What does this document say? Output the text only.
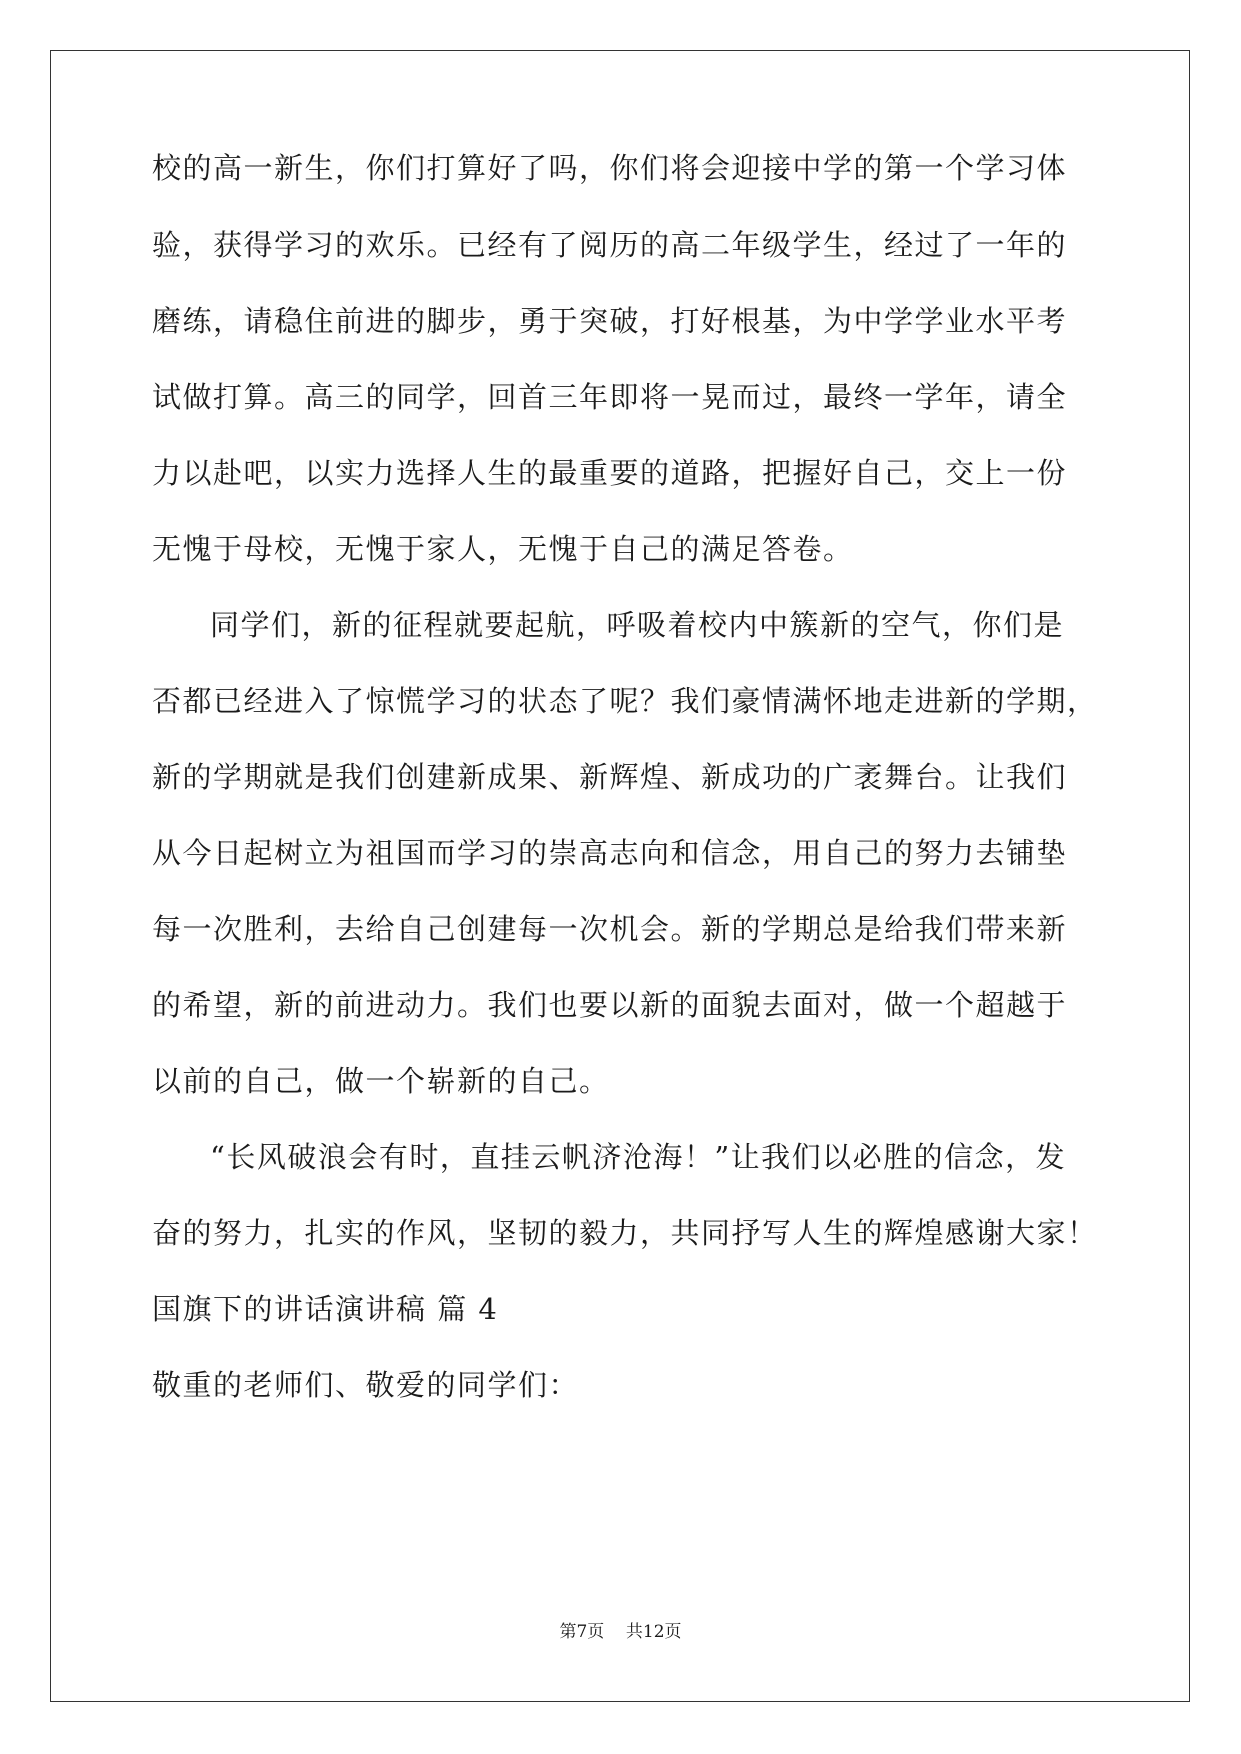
校的高一新生，你们打算好了吗，你们将会迎接中学的第一个学习体
验，获得学习的欢乐。已经有了阅历的高二年级学生，经过了一年的
磨练，请稳住前进的脚步，勇于突破，打好根基，为中学学业水平考
试做打算。高三的同学，回首三年即将一晃而过，最终一学年，请全
力以赴吧，以实力选择人生的最重要的道路，把握好自己，交上一份
无愧于母校，无愧于家人，无愧于自己的满足答卷。
同学们，新的征程就要起航，呼吸着校内中簇新的空气，你们是
否都已经进入了惊慌学习的状态了呢？我们豪情满怀地走进新的学期，
新的学期就是我们创建新成果、新辉煌、新成功的广袤舞台。让我们
从今日起树立为祖国而学习的崇高志向和信念，用自己的努力去铺垫
每一次胜利，去给自己创建每一次机会。新的学期总是给我们带来新
的希望，新的前进动力。我们也要以新的面貌去面对，做一个超越于
以前的自己，做一个崭新的自己。
“长风破浪会有时，直挂云帆济沧海！”让我们以必胜的信念，发
奋的努力，扎实的作风，坚韧的毅力，共同抒写人生的辉煌感谢大家！
国旗下的讲话演讲稿 篇 4
敬重的老师们、敬爱的同学们：
第7页 共12页
